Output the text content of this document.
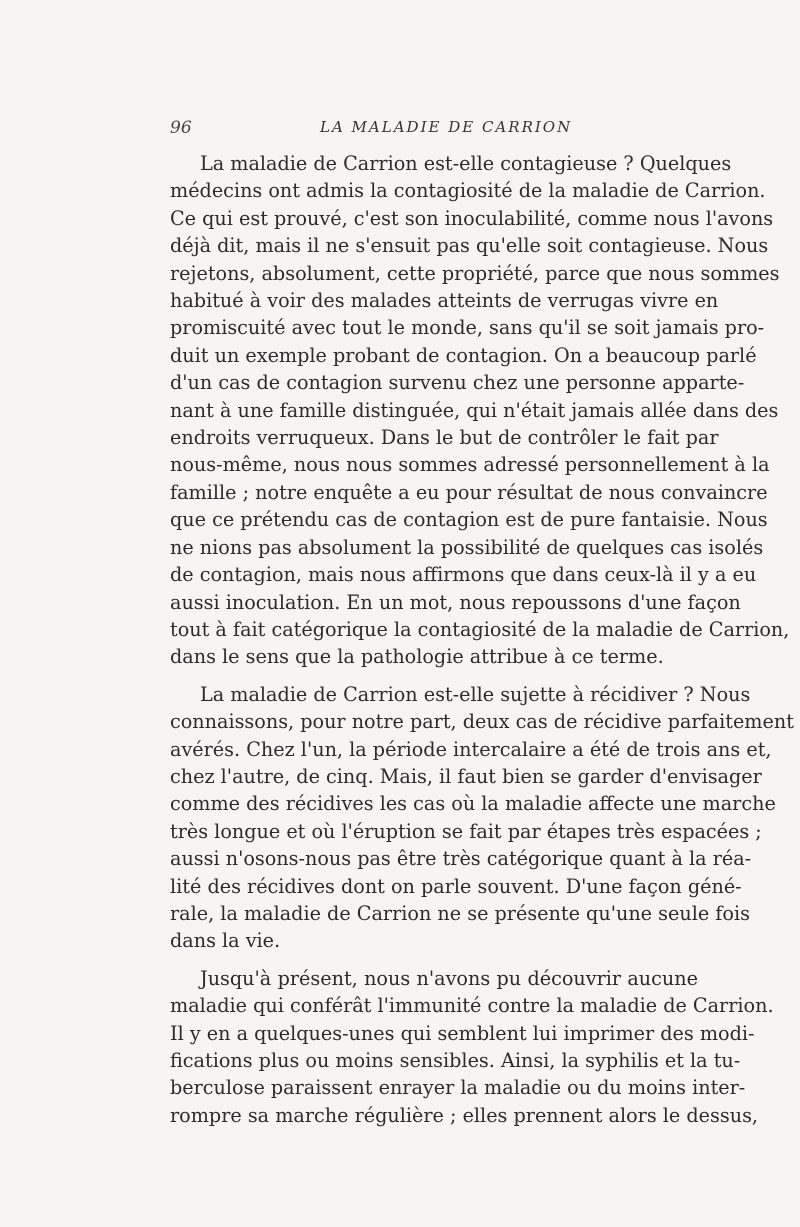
96	LA MALADIE DE CARRION

La maladie de Carrion est-elle contagieuse ? Quelques
médecins ont admis la contagiosité de la maladie de Carrion.
Ce qui est prouvé, c'est son inoculabilité, comme nous l'avons
déjà dit, mais il ne s'ensuit pas qu'elle soit contagieuse. Nous
rejetons, absolument, cette propriété, parce que nous sommes
habitué à voir des malades atteints de verrugas vivre en
promiscuité avec tout le monde, sans qu'il se soit jamais pro-
duit un exemple probant de contagion. On a beaucoup parlé
d'un cas de contagion survenu chez une personne apparte-
nant à une famille distinguée, qui n'était jamais allée dans des
endroits verruqueux. Dans le but de contrôler le fait par
nous-même, nous nous sommes adressé personnellement à la
famille ; notre enquête a eu pour résultat de nous convaincre
que ce prétendu cas de contagion est de pure fantaisie. Nous
ne nions pas absolument la possibilité de quelques cas isolés
de contagion, mais nous affirmons que dans ceux-là il y a eu
aussi inoculation. En un mot, nous repoussons d'une façon
tout à fait catégorique la contagiosité de la maladie de Carrion,
dans le sens que la pathologie attribue à ce terme.

La maladie de Carrion est-elle sujette à récidiver ? Nous
connaissons, pour notre part, deux cas de récidive parfaitement
avérés. Chez l'un, la période intercalaire a été de trois ans et,
chez l'autre, de cinq. Mais, il faut bien se garder d'envisager
comme des récidives les cas où la maladie affecte une marche
très longue et où l'éruption se fait par étapes très espacées ;
aussi n'osons-nous pas être très catégorique quant à la réa-
lité des récidives dont on parle souvent. D'une façon géné-
rale, la maladie de Carrion ne se présente qu'une seule fois
dans la vie.

Jusqu'à présent, nous n'avons pu découvrir aucune
maladie qui conférât l'immunité contre la maladie de Carrion.
Il y en a quelques-unes qui semblent lui imprimer des modi-
fications plus ou moins sensibles. Ainsi, la syphilis et la tu-
berculose paraissent enrayer la maladie ou du moins inter-
rompre sa marche régulière ; elles prennent alors le dessus,
